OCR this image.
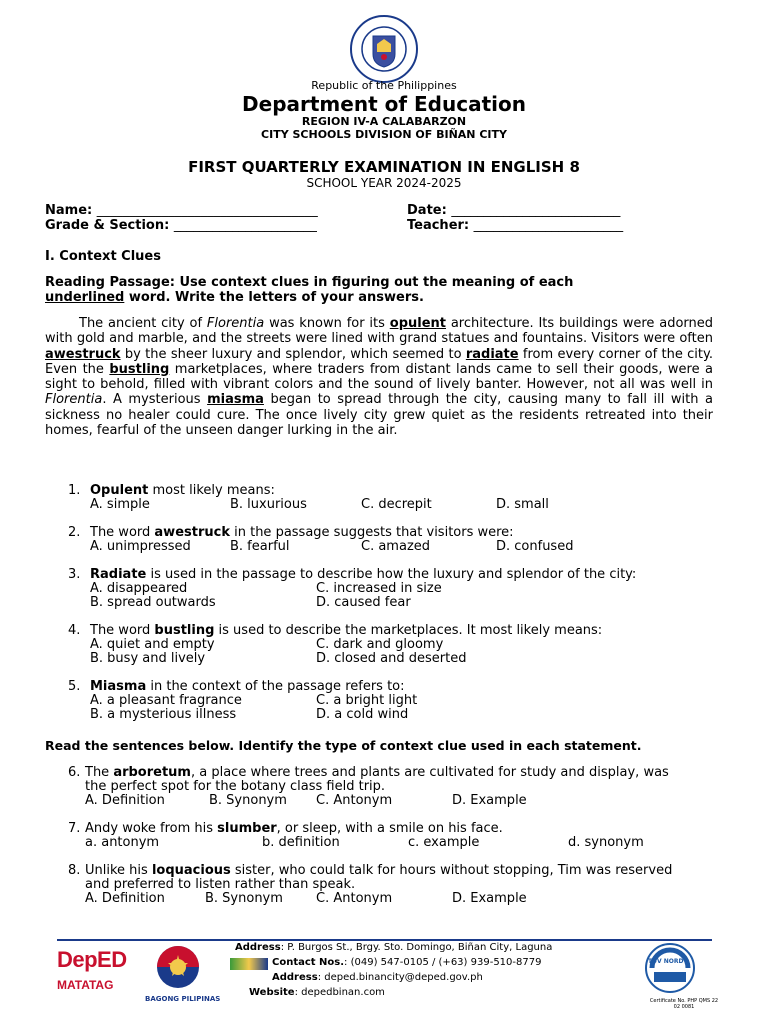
Republic of the Philippines
Department of Education
REGION IV-A CALABARZON
CITY SCHOOLS DIVISION OF BIÑAN CITY
FIRST QUARTERLY EXAMINATION IN ENGLISH 8
SCHOOL YEAR 2024-2025
Name: __________________________________	Date: __________________________
Grade & Section: ______________________	Teacher: _______________________
I. Context Clues
Reading Passage: Use context clues in figuring out the meaning of each
underlined word. Write the letters of your answers.
The ancient city of Florentia was known for its opulent architecture. Its buildings were adorned with gold and marble, and the streets were lined with grand statues and fountains. Visitors were often awestruck by the sheer luxury and splendor, which seemed to radiate from every corner of the city. Even the bustling marketplaces, where traders from distant lands came to sell their goods, were a sight to behold, filled with vibrant colors and the sound of lively banter. However, not all was well in Florentia. A mysterious miasma began to spread through the city, causing many to fall ill with a sickness no healer could cure. The once lively city grew quiet as the residents retreated into their homes, fearful of the unseen danger lurking in the air.
1. Opulent most likely means:
A. simple	B. luxurious	C. decrepit	D. small
2. The word awestruck in the passage suggests that visitors were:
A. unimpressed	B. fearful	C. amazed	D. confused
3. Radiate is used in the passage to describe how the luxury and splendor of the city:
A. disappeared	C. increased in size
B. spread outwards	D. caused fear
4. The word bustling is used to describe the marketplaces. It most likely means:
A. quiet and empty	C. dark and gloomy
B. busy and lively	D. closed and deserted
5. Miasma in the context of the passage refers to:
A. a pleasant fragrance	C. a bright light
B. a mysterious illness	D. a cold wind
Read the sentences below. Identify the type of context clue used in each statement.
6. The arboretum, a place where trees and plants are cultivated for study and display, was
the perfect spot for the botany class field trip.
A. Definition	B. Synonym C. Antonym	D. Example
7. Andy woke from his slumber, or sleep, with a smile on his face.
a. antonym	b. definition	c. example	d. synonym
8. Unlike his loquacious sister, who could talk for hours without stopping, Tim was reserved
and preferred to listen rather than speak.
A. Definition	B. Synonym	C. Antonym	D. Example
DepED
MATATAG
BAGONG PILIPINAS
Address: P. Burgos St., Brgy. Sto. Domingo, Biñan City, Laguna
Contact Nos.: (049) 547-0105 / (+63) 939-510-8779
Address: deped.binancity@deped.gov.ph
Website: depedbinan.com
TÜV NORD
Certificate No. PHP QMS 22 02 0081
